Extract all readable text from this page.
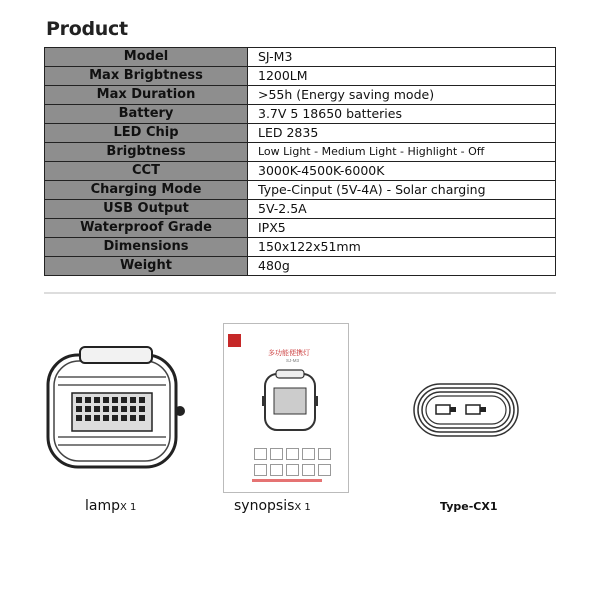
Product
Model	SJ-M3
Max Brigbtness	1200LM
Max Duration	>55h (Energy saving mode)
Battery	3.7V 5 18650 batteries
LED Chip	LED 2835
Brigbtness	Low Light - Medium Light - Highlight - Off
CCT	3000K-4500K-6000K
Charging Mode	Type-Cinput (5V-4A) - Solar charging
USB Output	5V-2.5A
Waterproof Grade	IPX5
Dimensions	150x122x51mm
Weight	480g
lampX 1
多功能便携灯
SJ-M3
synopsisX 1	Type-CX1
